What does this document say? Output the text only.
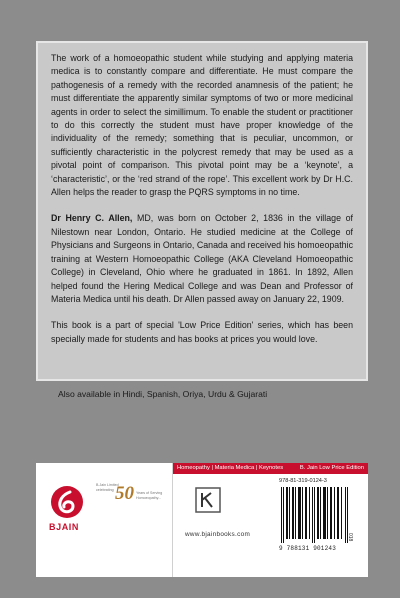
The work of a homoeopathic student while studying and applying materia medica is to constantly compare and differentiate. He must compare the pathogenesis of a remedy with the recorded anamnesis of the patient; he must differentiate the apparently similar symptoms of two or more medicinal agents in order to select the simillimum. To enable the student or practitioner to do this correctly the student must have proper knowledge of the individuality of the remedy; something that is peculiar, uncommon, or sufficiently characteristic in the polycrest remedy that may be used as a pivotal point of comparison. This pivotal point may be a ‘keynote’, a ‘characteristic’, or the ‘red strand of the rope’. This excellent work by Dr H.C. Allen helps the reader to grasp the PQRS symptoms in no time.

Dr Henry C. Allen, MD, was born on October 2, 1836 in the village of Nilestown near London, Ontario. He studied medicine at the College of Physicians and Surgeons in Ontario, Canada and received his homoeopathic training at Western Homoeopathic College (AKA Cleveland Homoeopathic College) in Cleveland, Ohio where he graduated in 1861. In 1892, Allen helped found the Hering Medical College and was Dean and Professor of Materia Medica until his death. Dr Allen passed away on January 22, 1909.

This book is a part of special 'Low Price Edition' series, which has been specially made for students and has books at prices you would love.

Also available in Hindi, Spanish, Oriya, Urdu & Gujarati
BJAIN
B.Jain Limited
celebrating 50 Years of Serving
Homoeopathy...
Homeopathy | Materia Medica | Keynotes	B. Jain Low Price Edition
www.bjainbooks.com
978-81-319-0124-3
9 788131 901243
018
